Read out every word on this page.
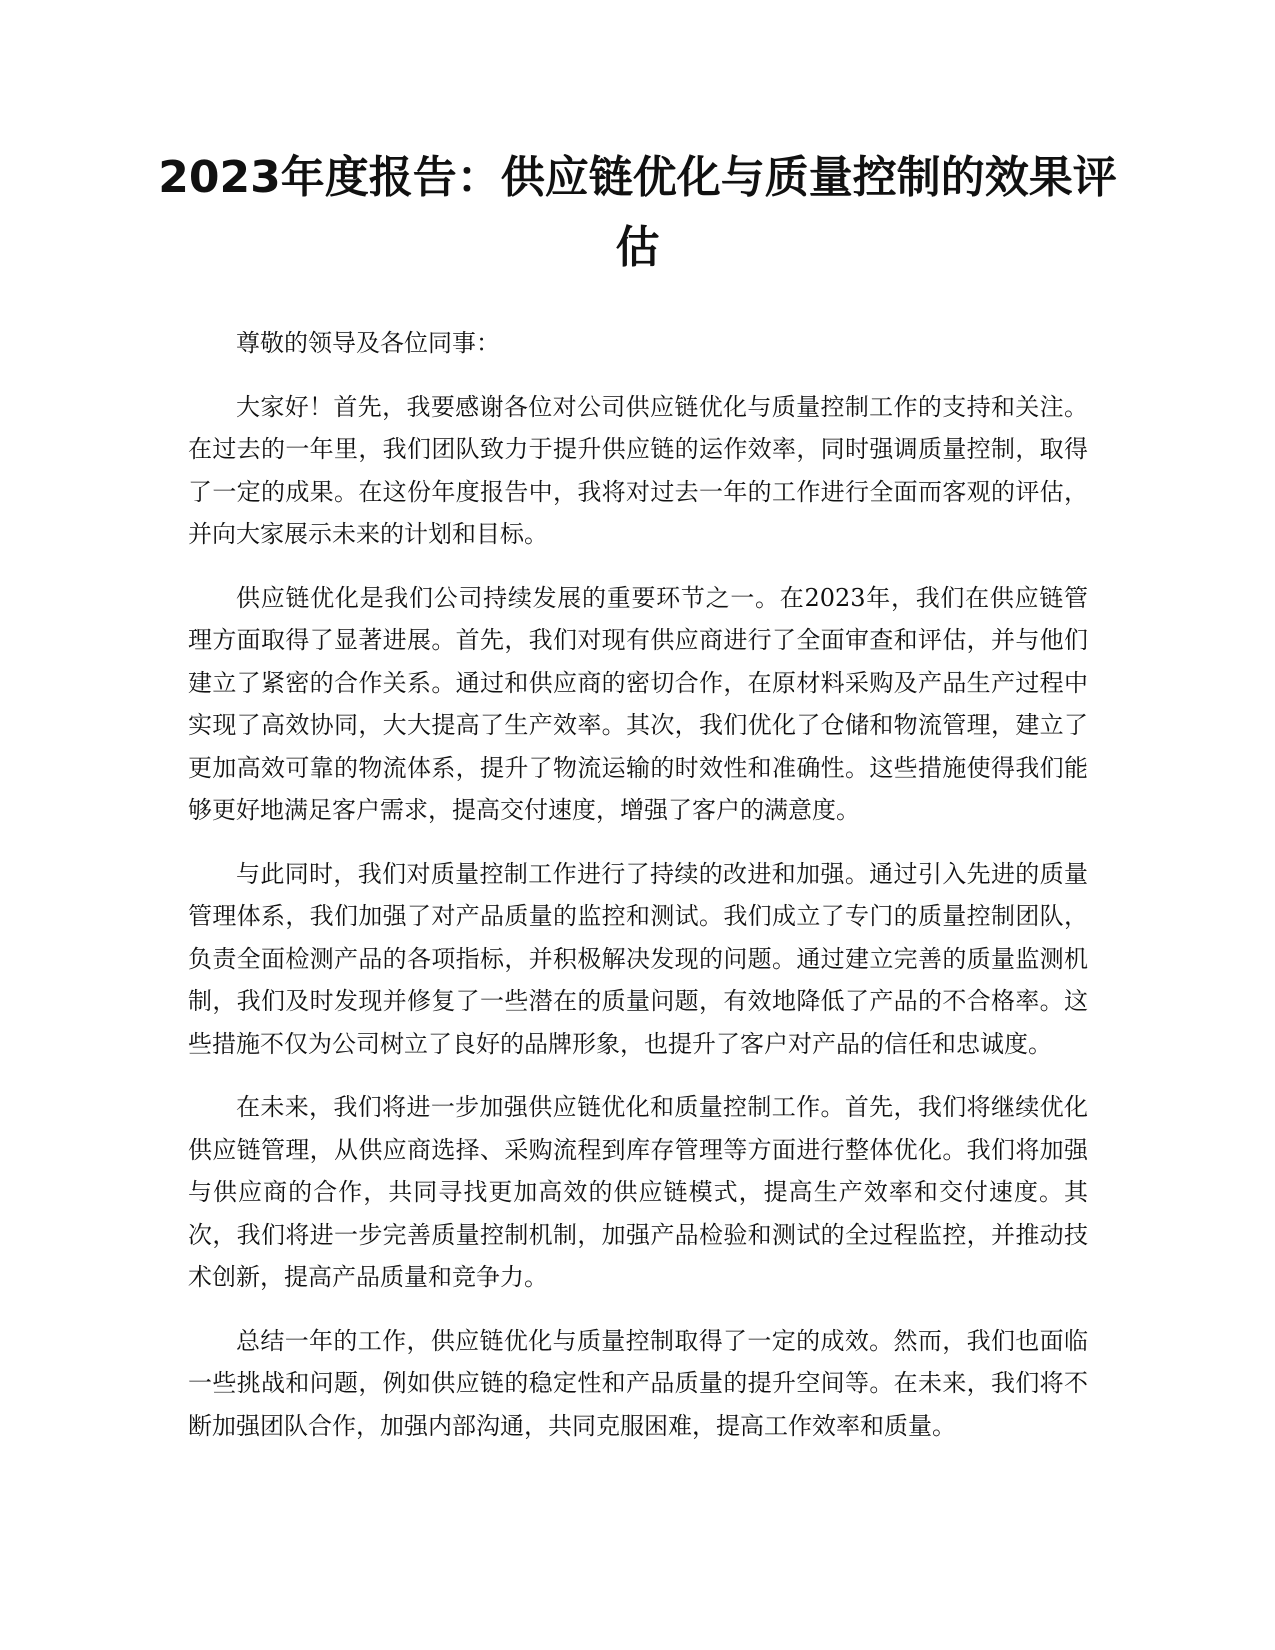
2023年度报告：供应链优化与质量控制的效果评估

尊敬的领导及各位同事：

大家好！首先，我要感谢各位对公司供应链优化与质量控制工作的支持和关注。在过去的一年里，我们团队致力于提升供应链的运作效率，同时强调质量控制，取得了一定的成果。在这份年度报告中，我将对过去一年的工作进行全面而客观的评估，并向大家展示未来的计划和目标。

供应链优化是我们公司持续发展的重要环节之一。在2023年，我们在供应链管理方面取得了显著进展。首先，我们对现有供应商进行了全面审查和评估，并与他们建立了紧密的合作关系。通过和供应商的密切合作，在原材料采购及产品生产过程中实现了高效协同，大大提高了生产效率。其次，我们优化了仓储和物流管理，建立了更加高效可靠的物流体系，提升了物流运输的时效性和准确性。这些措施使得我们能够更好地满足客户需求，提高交付速度，增强了客户的满意度。

与此同时，我们对质量控制工作进行了持续的改进和加强。通过引入先进的质量管理体系，我们加强了对产品质量的监控和测试。我们成立了专门的质量控制团队，负责全面检测产品的各项指标，并积极解决发现的问题。通过建立完善的质量监测机制，我们及时发现并修复了一些潜在的质量问题，有效地降低了产品的不合格率。这些措施不仅为公司树立了良好的品牌形象，也提升了客户对产品的信任和忠诚度。

在未来，我们将进一步加强供应链优化和质量控制工作。首先，我们将继续优化供应链管理，从供应商选择、采购流程到库存管理等方面进行整体优化。我们将加强与供应商的合作，共同寻找更加高效的供应链模式，提高生产效率和交付速度。其次，我们将进一步完善质量控制机制，加强产品检验和测试的全过程监控，并推动技术创新，提高产品质量和竞争力。

总结一年的工作，供应链优化与质量控制取得了一定的成效。然而，我们也面临一些挑战和问题，例如供应链的稳定性和产品质量的提升空间等。在未来，我们将不断加强团队合作，加强内部沟通，共同克服困难，提高工作效率和质量。
